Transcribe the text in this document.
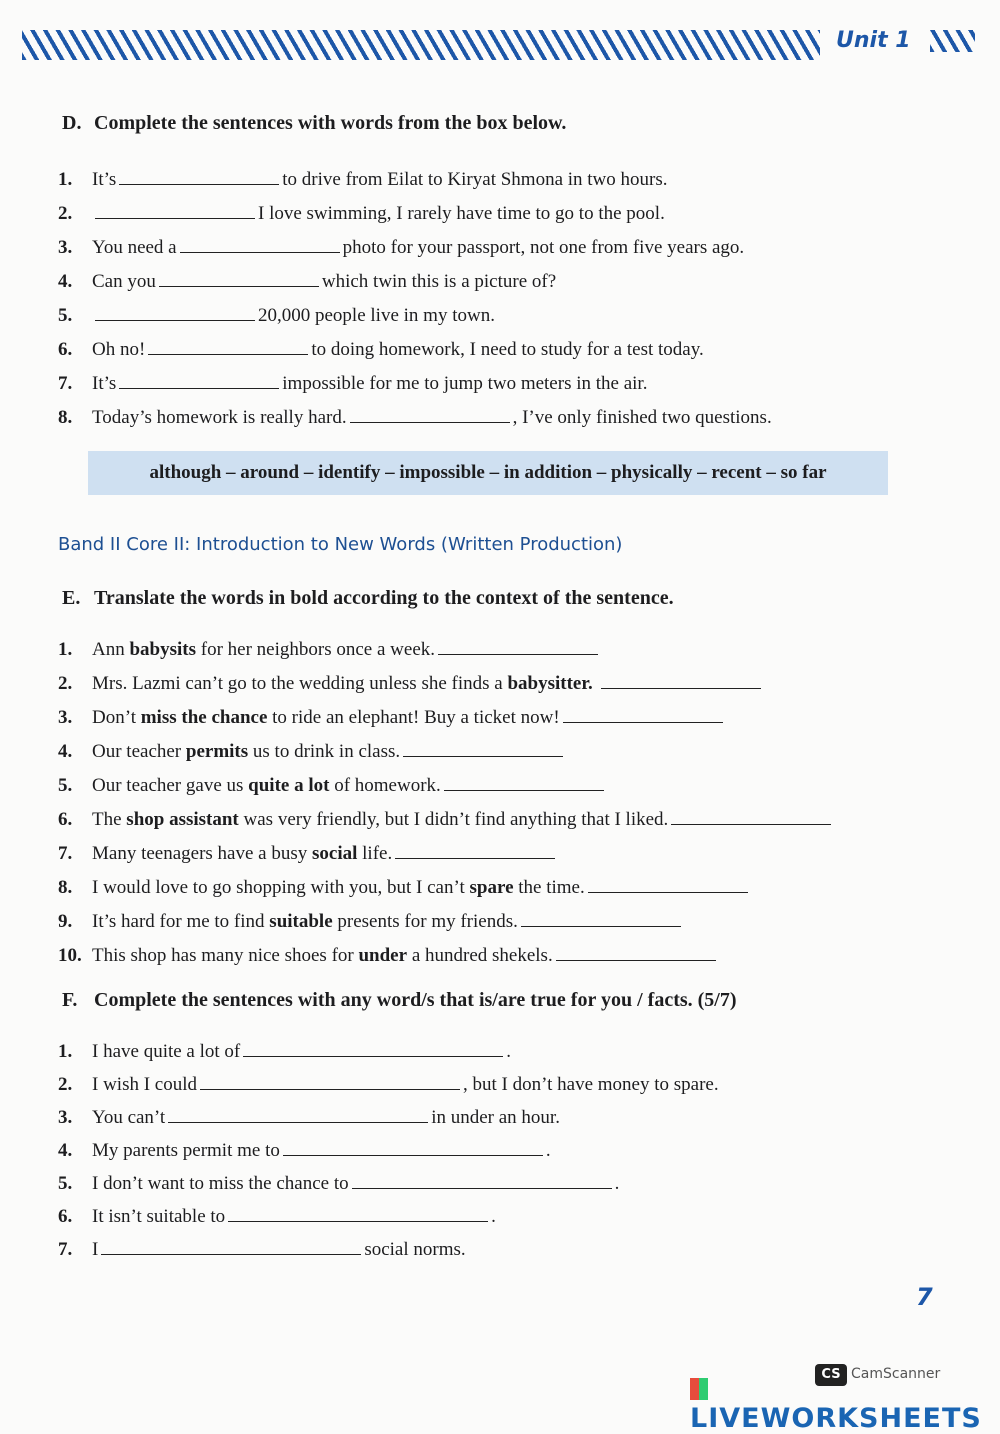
Unit 1
D. Complete the sentences with words from the box below.
1. It’s	to drive from Eilat to Kiryat Shmona in two hours.
2.	I love swimming, I rarely have time to go to the pool.
3. You need a	photo for your passport, not one from five years ago.
4. Can you	which twin this is a picture of?
5.	20,000 people live in my town.
6. Oh no!	to doing homework, I need to study for a test today.
7. It’s	impossible for me to jump two meters in the air.
8. Today’s homework is really hard.	, I’ve only finished two questions.
although – around – identify – impossible – in addition – physically – recent – so far
Band II Core II: Introduction to New Words (Written Production)
E. Translate the words in bold according to the context of the sentence.
1. Ann babysits for her neighbors once a week.
2. Mrs. Lazmi can’t go to the wedding unless she finds a babysitter.
3. Don’t miss the chance to ride an elephant! Buy a ticket now!
4. Our teacher permits us to drink in class.
5. Our teacher gave us quite a lot of homework.
6. The shop assistant was very friendly, but I didn’t find anything that I liked.
7. Many teenagers have a busy social life.
8. I would love to go shopping with you, but I can’t spare the time.
9. It’s hard for me to find suitable presents for my friends.
10. This shop has many nice shoes for under a hundred shekels.
F. Complete the sentences with any word/s that is/are true for you / facts. (5/7)
1. I have quite a lot of	.
2. I wish I could	, but I don’t have money to spare.
3. You can’t	in under an hour.
4. My parents permit me to	.
5. I don’t want to miss the chance to	.
6. It isn’t suitable to	.
7. I	social norms.
7
CS CamScanner
LIVEWORKSHEETS
